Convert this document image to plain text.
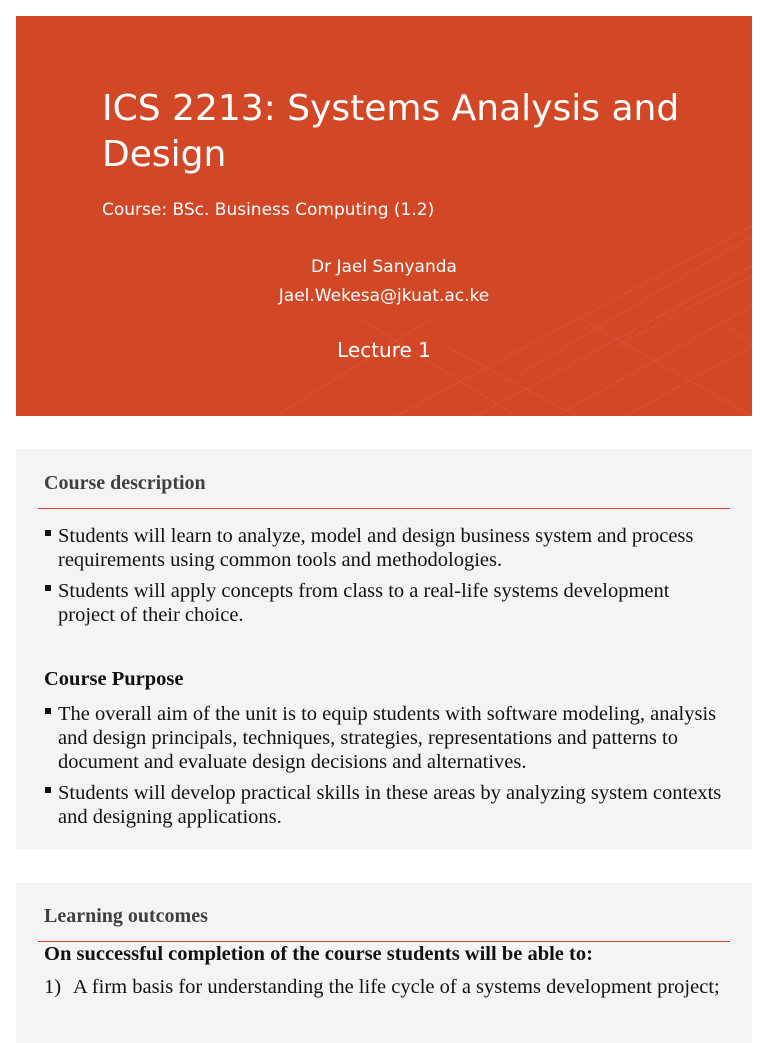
ICS 2213: Systems Analysis and Design

Course: BSc. Business Computing (1.2)

Dr Jael Sanyanda

Jael.Wekesa@jkuat.ac.ke

Lecture 1

Course description
Students will learn to analyze, model and design business system and process requirements using common tools and methodologies.
Students will apply concepts from class to a real-life systems development project of their choice.

Course Purpose

The overall aim of the unit is to equip students with software modeling, analysis and design principals, techniques, strategies, representations and patterns to document and evaluate design decisions and alternatives.
Students will develop practical skills in these areas by analyzing system contexts and designing applications.
Learning outcomes

On successful completion of the course students will be able to:

1) A firm basis for understanding the life cycle of a systems development project;
